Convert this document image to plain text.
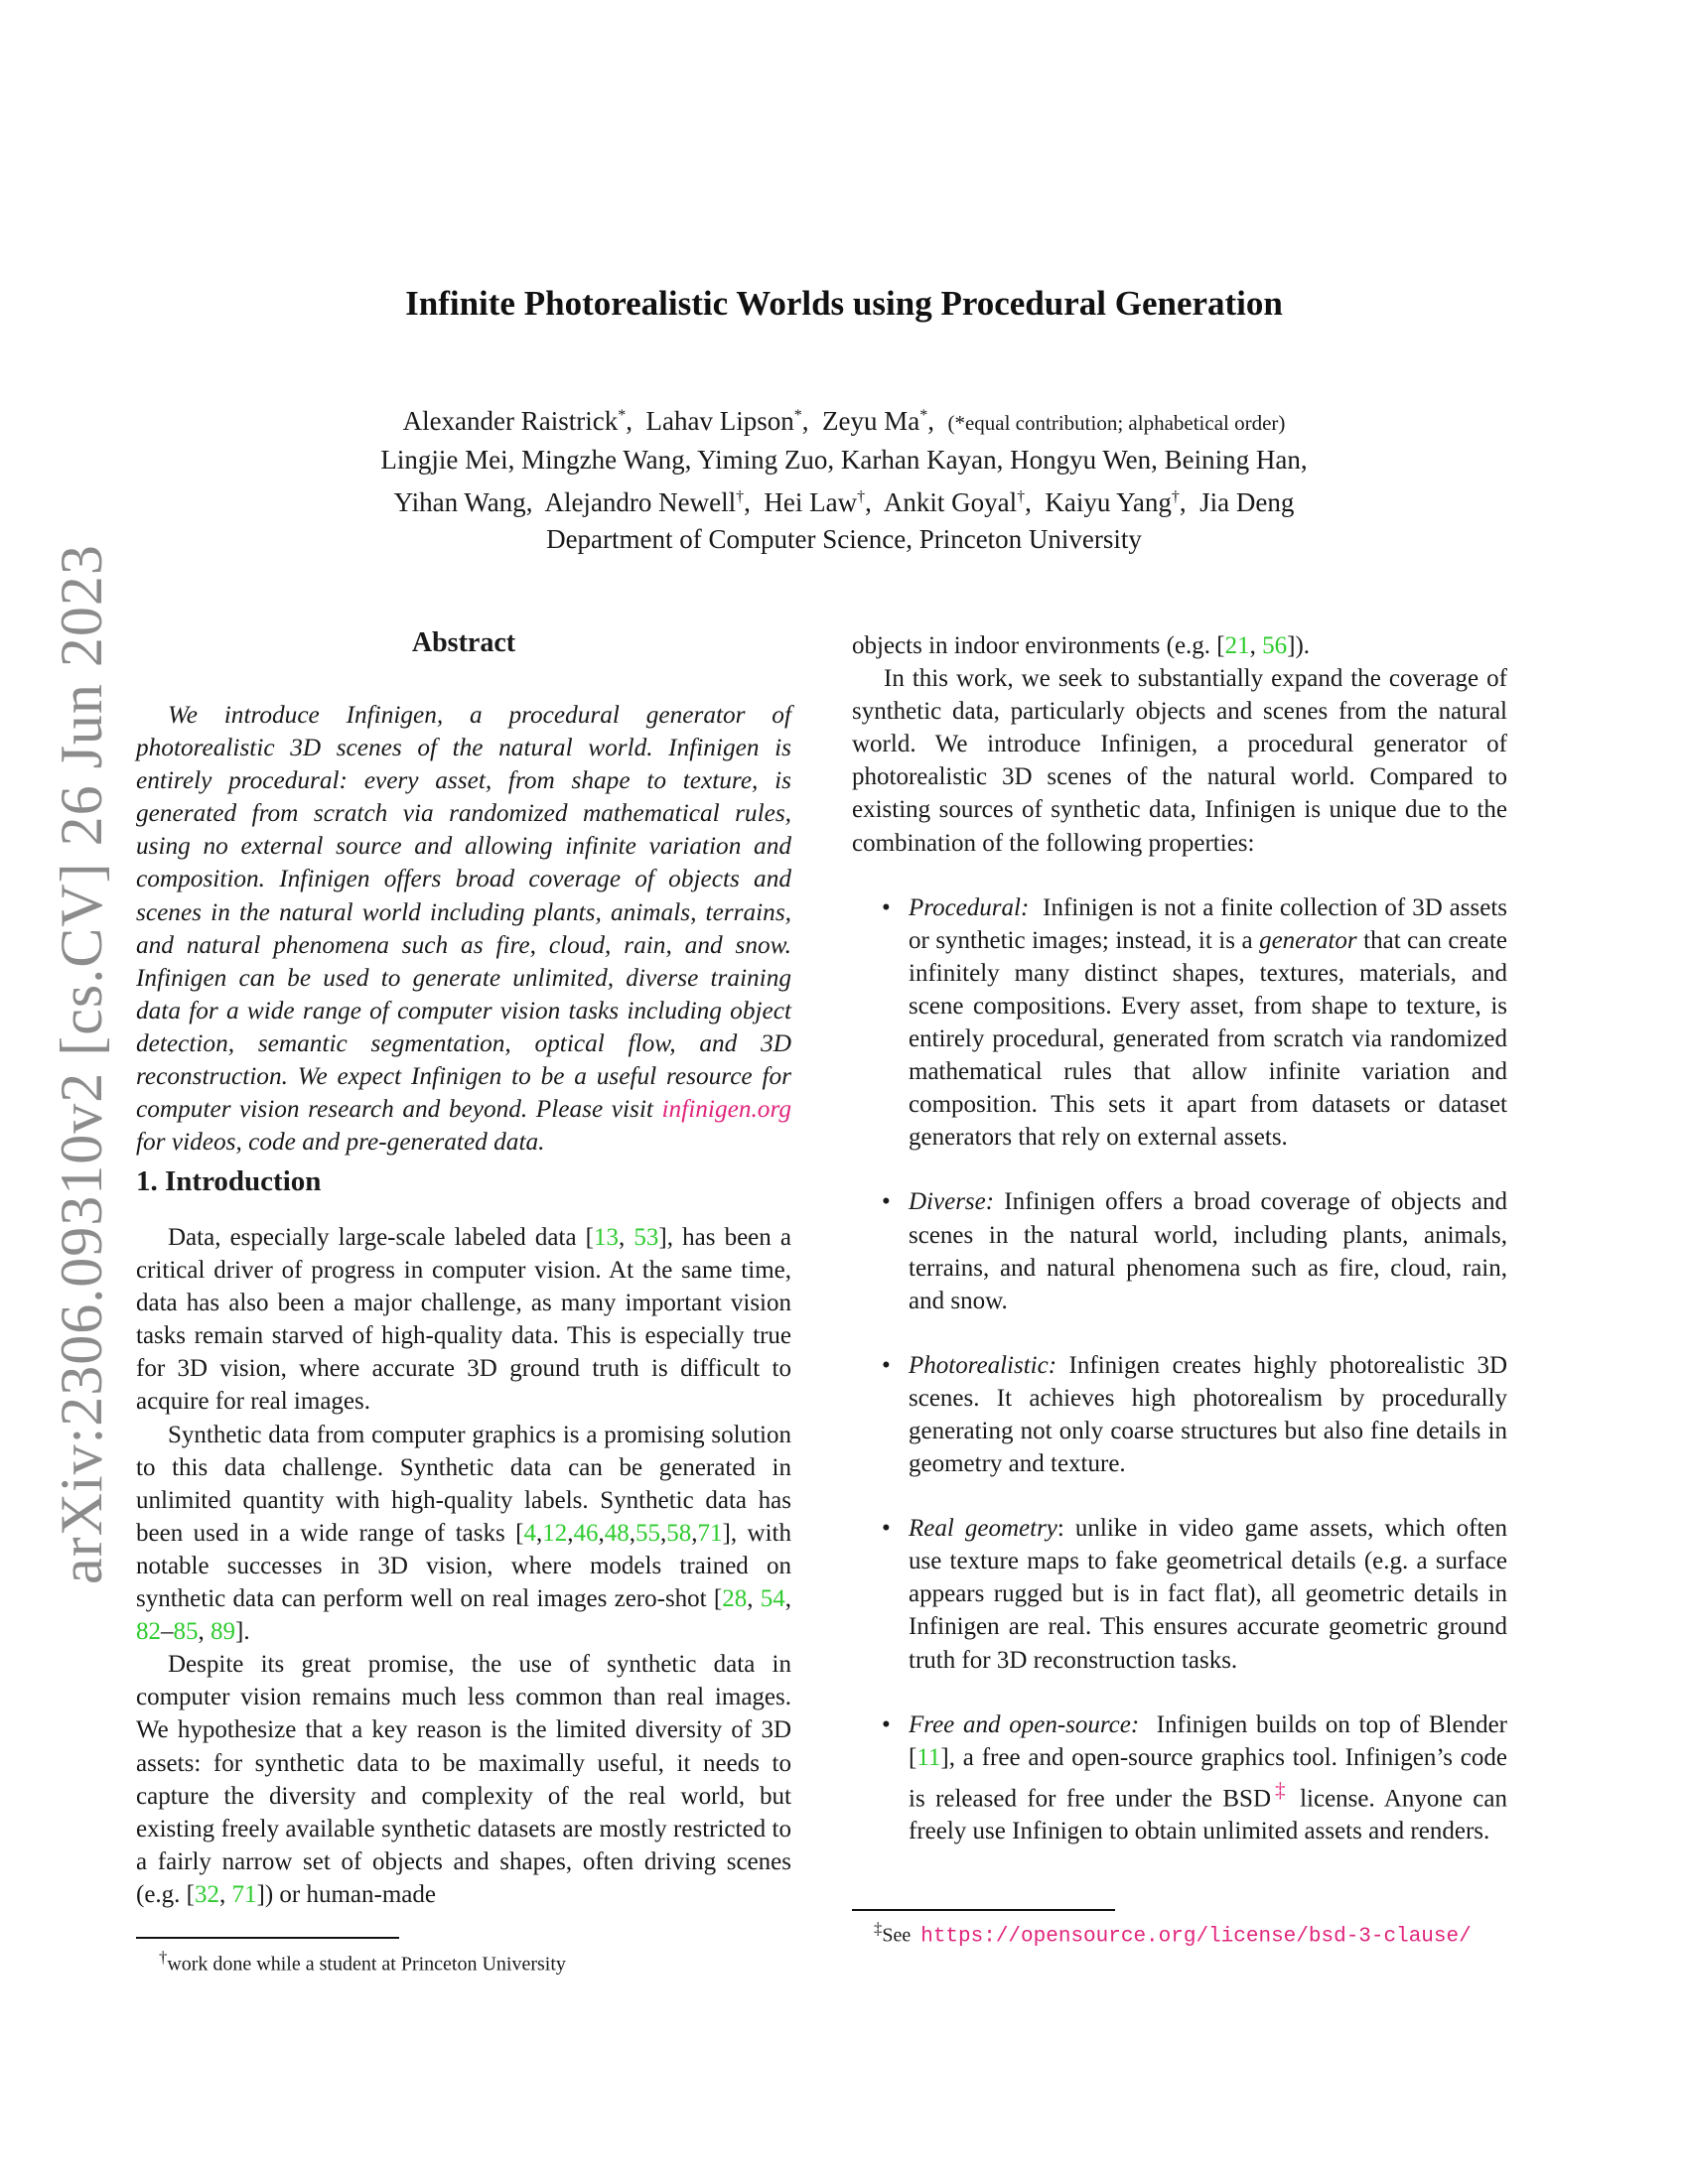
arXiv:2306.09310v2 [cs.CV] 26 Jun 2023
Infinite Photorealistic Worlds using Procedural Generation
Alexander Raistrick*,  Lahav Lipson*,  Zeyu Ma*,  (*equal contribution; alphabetical order)
Lingjie Mei, Mingzhe Wang, Yiming Zuo, Karhan Kayan, Hongyu Wen, Beining Han,
Yihan Wang,  Alejandro Newell†,  Hei Law†,  Ankit Goyal†,  Kaiyu Yang†,  Jia Deng
Department of Computer Science, Princeton University
Abstract
We introduce Infinigen, a procedural generator of photorealistic 3D scenes of the natural world. Infinigen is entirely procedural: every asset, from shape to texture, is generated from scratch via randomized mathematical rules, using no external source and allowing infinite variation and composition. Infinigen offers broad coverage of objects and scenes in the natural world including plants, animals, terrains, and natural phenomena such as fire, cloud, rain, and snow. Infinigen can be used to generate unlimited, diverse training data for a wide range of computer vision tasks including object detection, semantic segmentation, optical flow, and 3D reconstruction. We expect Infinigen to be a useful resource for computer vision research and beyond. Please visit infinigen.org for videos, code and pre-generated data.
1. Introduction

Data, especially large-scale labeled data [13, 53], has been a critical driver of progress in computer vision. At the same time, data has also been a major challenge, as many important vision tasks remain starved of high-quality data. This is especially true for 3D vision, where accurate 3D ground truth is difficult to acquire for real images.

Synthetic data from computer graphics is a promising solution to this data challenge. Synthetic data can be generated in unlimited quantity with high-quality labels. Synthetic data has been used in a wide range of tasks [4,12,46,48,55,58,71], with notable successes in 3D vision, where models trained on synthetic data can perform well on real images zero-shot [28, 54, 82–85, 89].

Despite its great promise, the use of synthetic data in computer vision remains much less common than real images. We hypothesize that a key reason is the limited diversity of 3D assets: for synthetic data to be maximally useful, it needs to capture the diversity and complexity of the real world, but existing freely available synthetic datasets are mostly restricted to a fairly narrow set of objects and shapes, often driving scenes (e.g. [32, 71]) or human-made

†work done while a student at Princeton University

objects in indoor environments (e.g. [21, 56]).

In this work, we seek to substantially expand the coverage of synthetic data, particularly objects and scenes from the natural world. We introduce Infinigen, a procedural generator of photorealistic 3D scenes of the natural world. Compared to existing sources of synthetic data, Infinigen is unique due to the combination of the following properties:

• Procedural: Infinigen is not a finite collection of 3D assets or synthetic images; instead, it is a generator that can create infinitely many distinct shapes, textures, materials, and scene compositions. Every asset, from shape to texture, is entirely procedural, generated from scratch via randomized mathematical rules that allow infinite variation and composition. This sets it apart from datasets or dataset generators that rely on external assets.
• Diverse: Infinigen offers a broad coverage of objects and scenes in the natural world, including plants, animals, terrains, and natural phenomena such as fire, cloud, rain, and snow.
• Photorealistic: Infinigen creates highly photorealistic 3D scenes. It achieves high photorealism by procedurally generating not only coarse structures but also fine details in geometry and texture.
• Real geometry: unlike in video game assets, which often use texture maps to fake geometrical details (e.g. a surface appears rugged but is in fact flat), all geometric details in Infinigen are real. This ensures accurate geometric ground truth for 3D reconstruction tasks.
• Free and open-source: Infinigen builds on top of Blender [11], a free and open-source graphics tool. Infinigen’s code is released for free under the BSD‡ license. Anyone can freely use Infinigen to obtain unlimited assets and renders.
‡See https://opensource.org/license/bsd-3-clause/
